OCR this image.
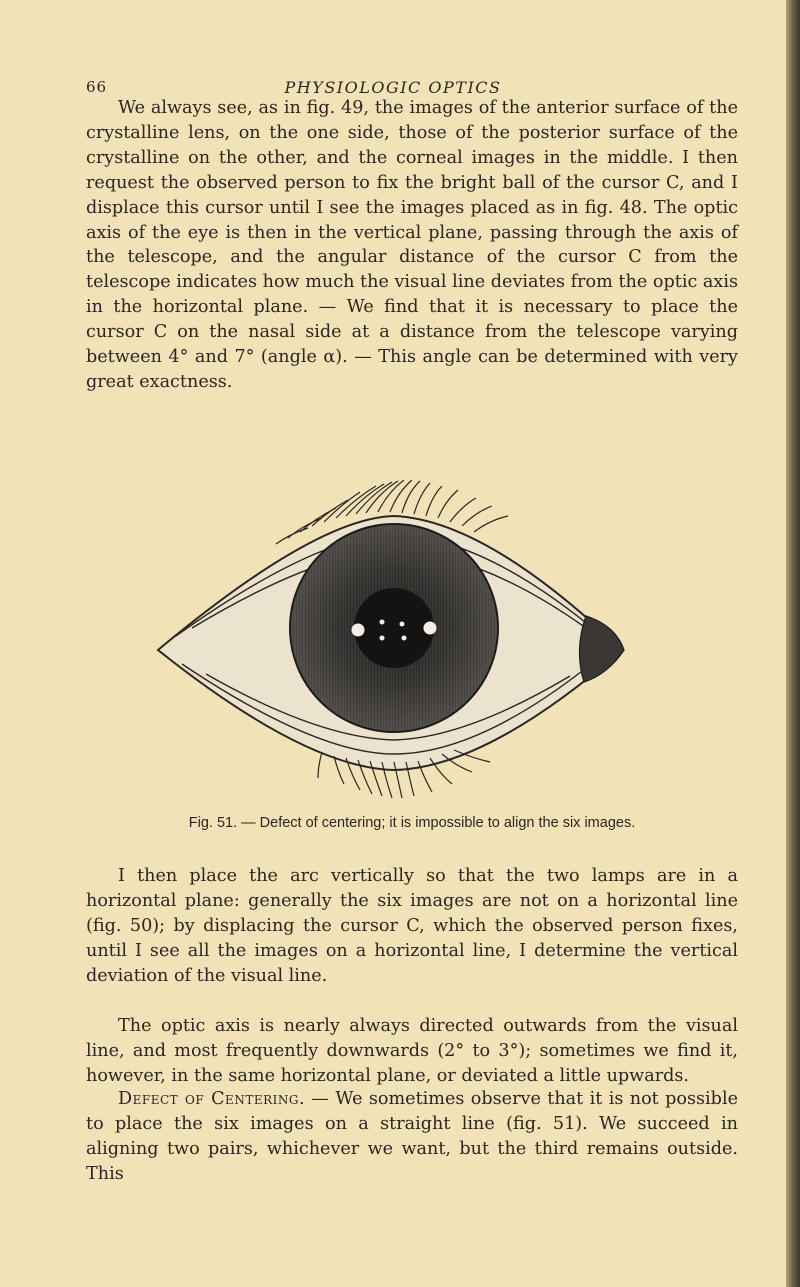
66	PHYSIOLOGIC OPTICS

We always see, as in fig. 49, the images of the anterior surface of the crystalline lens, on the one side, those of the posterior surface of the crystalline on the other, and the corneal images in the middle. I then request the observed person to fix the bright ball of the cursor C, and I displace this cursor until I see the images placed as in fig. 48. The optic axis of the eye is then in the vertical plane, passing through the axis of the telescope, and the angular distance of the cursor C from the telescope indicates how much the visual line deviates from the optic axis in the horizontal plane. — We find that it is necessary to place the cursor C on the nasal side at a distance from the telescope varying between 4° and 7° (angle α). — This angle can be determined with very great exactness.

Fig. 51. — Defect of centering; it is impossible to align the six images.

I then place the arc vertically so that the two lamps are in a horizontal plane: generally the six images are not on a horizontal line (fig. 50); by displacing the cursor C, which the observed person fixes, until I see all the images on a horizontal line, I determine the vertical deviation of the visual line.

The optic axis is nearly always directed outwards from the visual line, and most frequently downwards (2° to 3°); sometimes we find it, however, in the same horizontal plane, or deviated a little upwards.

Defect of Centering. — We sometimes observe that it is not possible to place the six images on a straight line (fig. 51). We succeed in aligning two pairs, whichever we want, but the third remains outside. This
